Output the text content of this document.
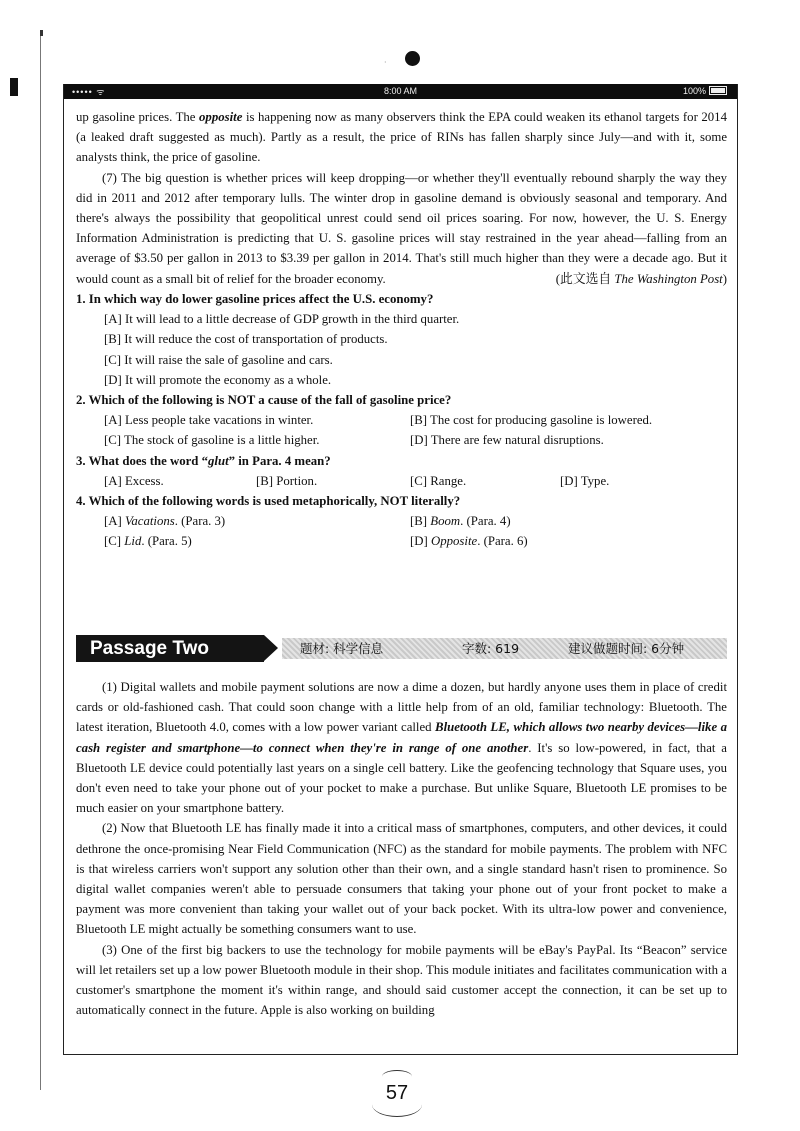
·
••••• ᯤ	8:00 AM	100%

up gasoline prices. The opposite is happening now as many observers think the EPA could weaken its ethanol targets for 2014 (a leaked draft suggested as much). Partly as a result, the price of RINs has fallen sharply since July—and with it, some analysts think, the price of gasoline.

(7) The big question is whether prices will keep dropping—or whether they'll eventually rebound sharply the way they did in 2011 and 2012 after temporary lulls. The winter drop in gasoline demand is obviously seasonal and temporary. And there's always the possibility that geopolitical unrest could send oil prices soaring. For now, however, the U. S. Energy Information Administration is predicting that U. S. gasoline prices will stay restrained in the year ahead—falling from an average of $3.50 per gallon in 2013 to $3.39 per gallon in 2014. That's still much higher than they were a decade ago. But it would count as a small bit of relief for the broader economy.	(此文选自 The Washington Post)

1. In which way do lower gasoline prices affect the U.S. economy?

[A] It will lead to a little decrease of GDP growth in the third quarter.
[B] It will reduce the cost of transportation of products.
[C] It will raise the sale of gasoline and cars.
[D] It will promote the economy as a whole.

2. Which of the following is NOT a cause of the fall of gasoline price?

[A] Less people take vacations in winter.	[B] The cost for producing gasoline is lowered.
[C] The stock of gasoline is a little higher.	[D] There are few natural disruptions.

3. What does the word “glut” in Para. 4 mean?

[A] Excess.	[B] Portion.	[C] Range.	[D] Type.

4. Which of the following words is used metaphorically, NOT literally?

[A] Vacations. (Para. 3)	[B] Boom. (Para. 4)
[C] Lid. (Para. 5)	[D] Opposite. (Para. 6)
Passage Two	题材: 科学信息	字数: 619	建议做题时间: 6分钟

(1) Digital wallets and mobile payment solutions are now a dime a dozen, but hardly anyone uses them in place of credit cards or old-fashioned cash. That could soon change with a little help from of an old, familiar technology: Bluetooth. The latest iteration, Bluetooth 4.0, comes with a low power variant called Bluetooth LE, which allows two nearby devices—like a cash register and smartphone—to connect when they're in range of one another. It's so low-powered, in fact, that a Bluetooth LE device could potentially last years on a single cell battery. Like the geofencing technology that Square uses, you don't even need to take your phone out of your pocket to make a purchase. But unlike Square, Bluetooth LE promises to be much easier on your smartphone battery.

(2) Now that Bluetooth LE has finally made it into a critical mass of smartphones, computers, and other devices, it could dethrone the once-promising Near Field Communication (NFC) as the standard for mobile payments. The problem with NFC is that wireless carriers won't support any solution other than their own, and a single standard hasn't risen to prominence. So digital wallet companies weren't able to persuade consumers that taking your phone out of your front pocket to make a payment was more convenient than taking your wallet out of your back pocket. With its ultra-low power and convenience, Bluetooth LE might actually be something consumers want to use.

(3) One of the first big backers to use the technology for mobile payments will be eBay's PayPal. Its “Beacon” service will let retailers set up a low power Bluetooth module in their shop. This module initiates and facilitates communication with a customer's smartphone the moment it's within range, and should said customer accept the connection, it can be set up to automatically connect in the future. Apple is also working on building

57
